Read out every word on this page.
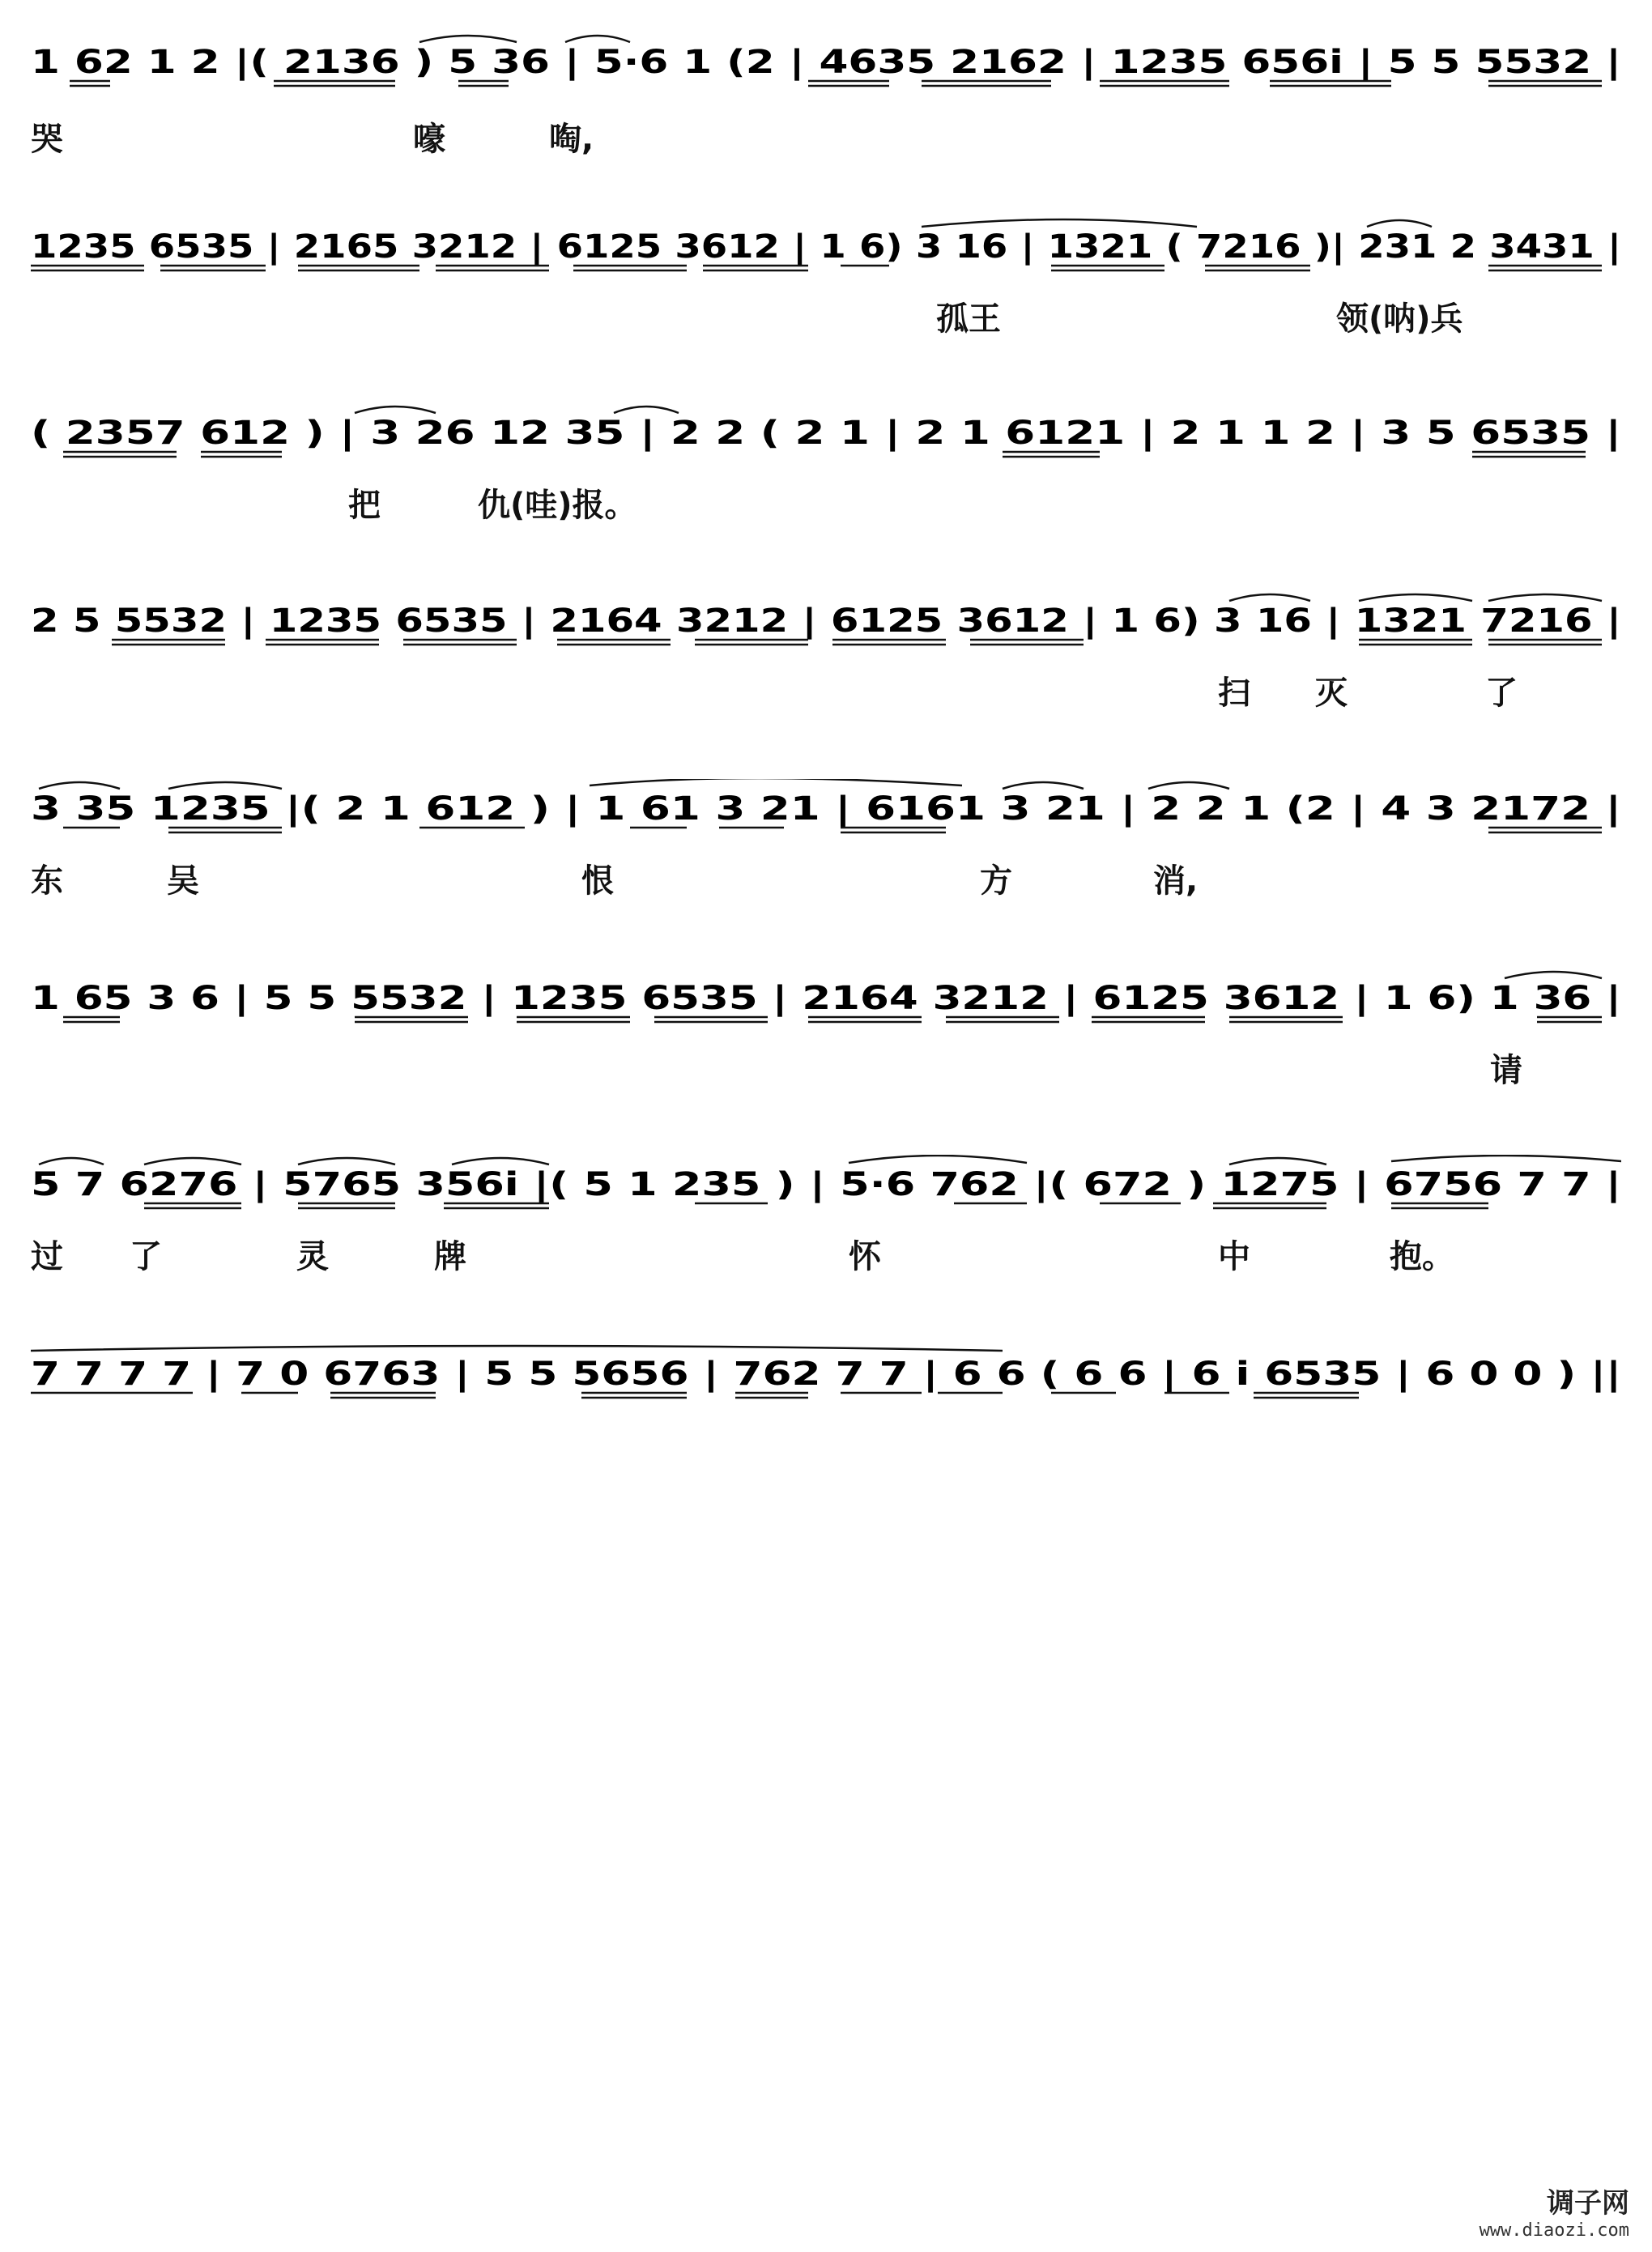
1 62 1 2 |( 2136 ) 5 36 | 5·6 1 (2 | 4635 2162 | 1235 656i | 5 5 5532 |
哭	嚎	啕,
1235 6535 | 2165 3212 | 6125 3612 | 1 6) 3 16 | 1321 ( 7216 )| 231 2 3431 |
孤王	领(呐)兵
( 2357 612 ) | 3 26 12 35 | 2 2 ( 2 1 | 2 1 6121 | 2 1 1 2 | 3 5 6535 |
把	仇(哇)报。
2 5 5532 | 1235 6535 | 2164 3212 | 6125 3612 | 1 6) 3 16 | 1321 7216 |
扫 灭	了
3 35 1235 |( 2 1 612 ) | 1 61 3 21 | 6161 3 21 | 2 2 1 (2 | 4 3 2172 |
东	吴	恨	方	消,
1 65 3 6 | 5 5 5532 | 1235 6535 | 2164 3212 | 6125 3612 | 1 6) 1 36 |
请
5 7 6276 | 5765 356i |( 5 1 235 ) | 5·6 762 |( 672 ) 1275 | 6756 7 7 |
过 了	灵	牌	怀	中	抱。
7 7 7 7 | 7 0 6763 | 5 5 5656 | 762 7 7 | 6 6 ( 6 6 | 6 i 6535 | 6 0 0 ) ||
调子网
www.diaozi.com
